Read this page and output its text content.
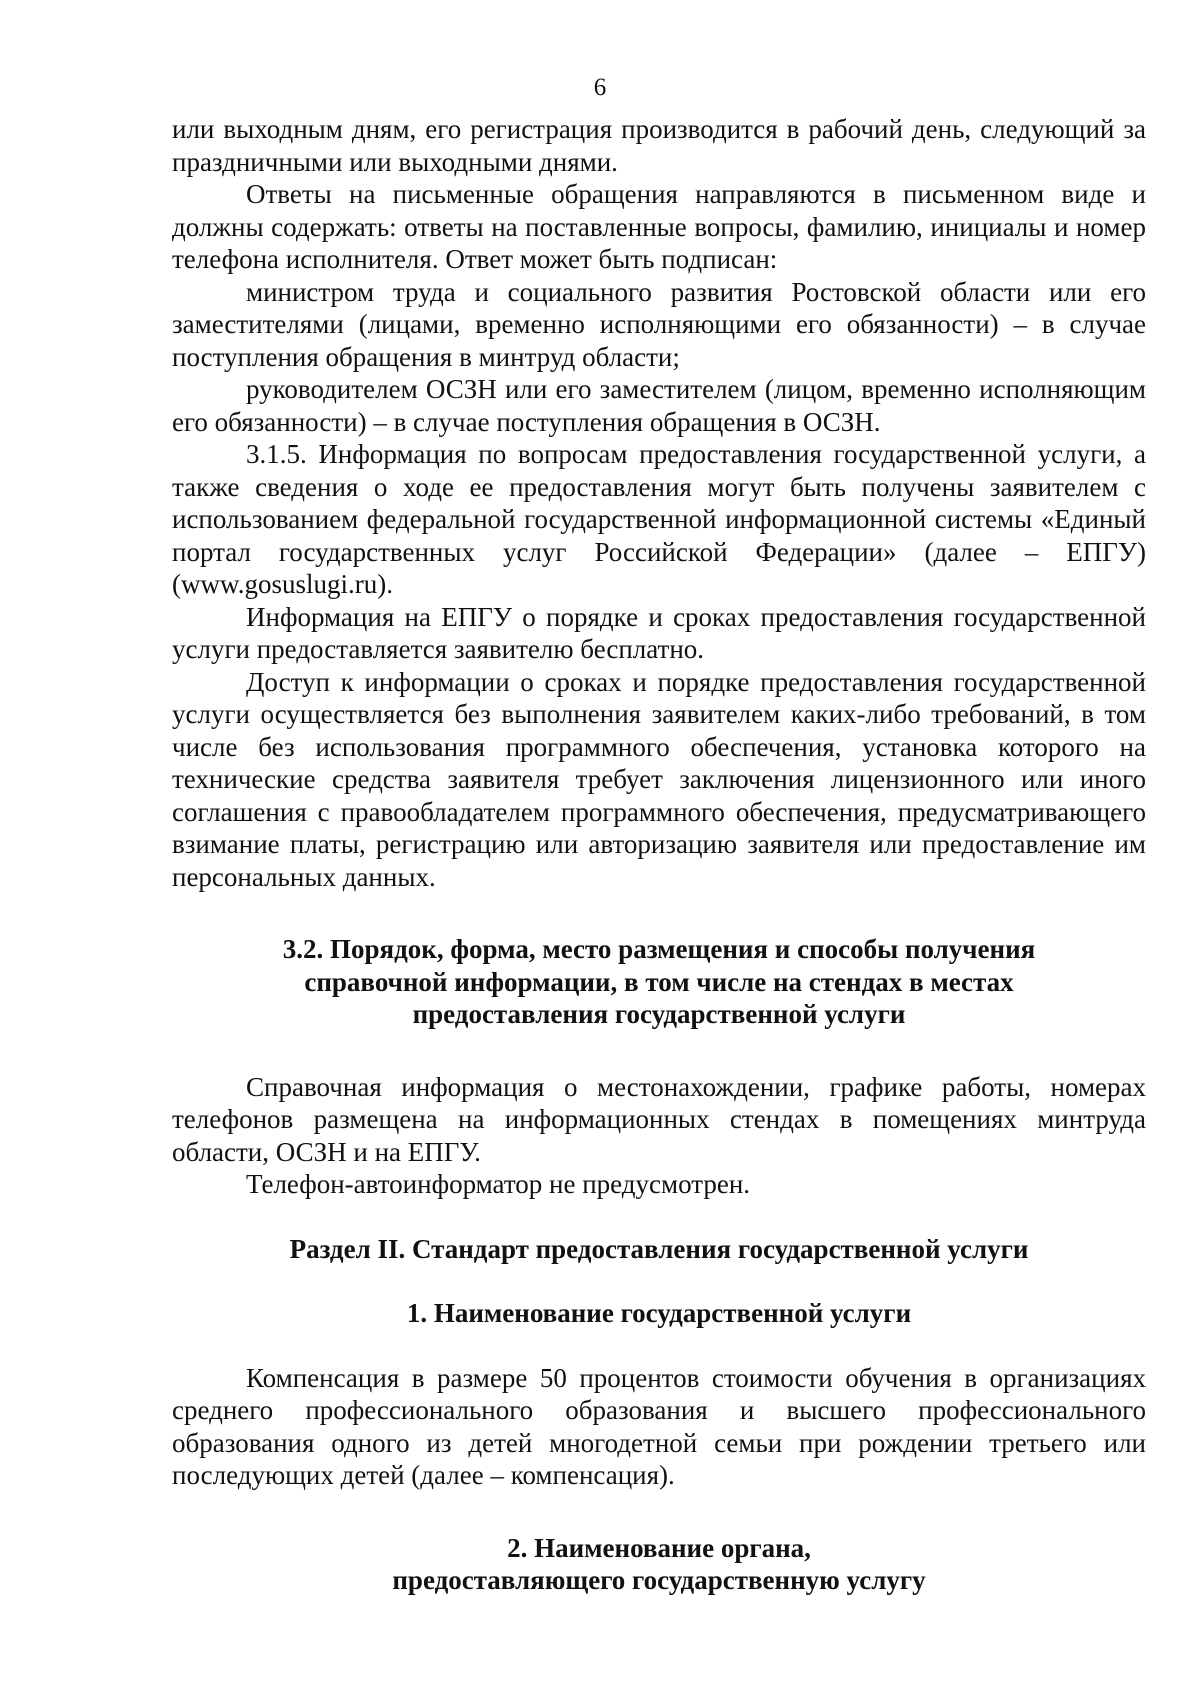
6

или выходным дням, его регистрация производится в рабочий день, следующий за праздничными или выходными днями.

Ответы на письменные обращения направляются в письменном виде и должны содержать: ответы на поставленные вопросы, фамилию, инициалы и номер телефона исполнителя. Ответ может быть подписан:

министром труда и социального развития Ростовской области или его заместителями (лицами, временно исполняющими его обязанности) – в случае поступления обращения в минтруд области;

руководителем ОСЗН или его заместителем (лицом, временно исполняющим его обязанности) – в случае поступления обращения в ОСЗН.

3.1.5. Информация по вопросам предоставления государственной услуги, а также сведения о ходе ее предоставления могут быть получены заявителем с использованием федеральной государственной информационной системы «Единый портал государственных услуг Российской Федерации» (далее – ЕПГУ) (www.gosuslugi.ru).

Информация на ЕПГУ о порядке и сроках предоставления государственной услуги предоставляется заявителю бесплатно.

Доступ к информации о сроках и порядке предоставления государственной услуги осуществляется без выполнения заявителем каких-либо требований, в том числе без использования программного обеспечения, установка которого на технические средства заявителя требует заключения лицензионного или иного соглашения с правообладателем программного обеспечения, предусматривающего взимание платы, регистрацию или авторизацию заявителя или предоставление им персональных данных.

3.2. Порядок, форма, место размещения и способы получения

справочной информации, в том числе на стендах в местах

предоставления государственной услуги

Справочная информация о местонахождении, графике работы, номерах телефонов размещена на информационных стендах в помещениях минтруда области, ОСЗН и на ЕПГУ.

Телефон-автоинформатор не предусмотрен.

Раздел II. Стандарт предоставления государственной услуги

1. Наименование государственной услуги

Компенсация в размере 50 процентов стоимости обучения в организациях среднего профессионального образования и высшего профессионального образования одного из детей многодетной семьи при рождении третьего или последующих детей (далее – компенсация).

2. Наименование органа,

предоставляющего государственную услугу
